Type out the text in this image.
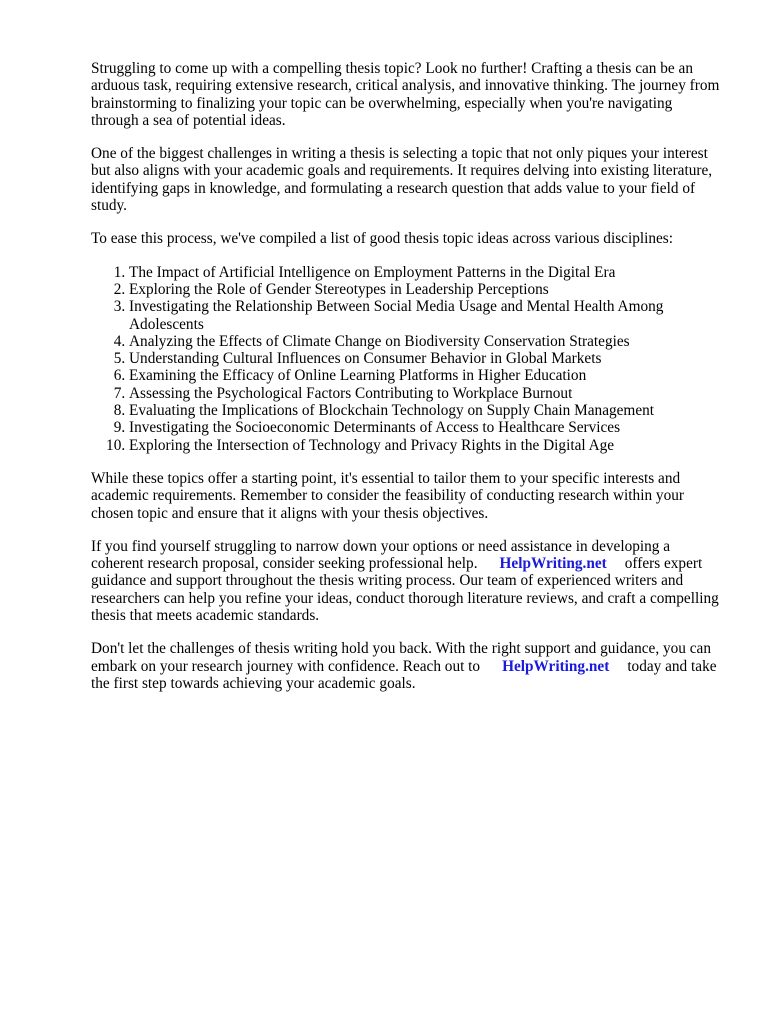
Struggling to come up with a compelling thesis topic? Look no further! Crafting a thesis can be an arduous task, requiring extensive research, critical analysis, and innovative thinking. The journey from brainstorming to finalizing your topic can be overwhelming, especially when you're navigating through a sea of potential ideas.

One of the biggest challenges in writing a thesis is selecting a topic that not only piques your interest but also aligns with your academic goals and requirements. It requires delving into existing literature, identifying gaps in knowledge, and formulating a research question that adds value to your field of study.

To ease this process, we've compiled a list of good thesis topic ideas across various disciplines:

1. The Impact of Artificial Intelligence on Employment Patterns in the Digital Era
2. Exploring the Role of Gender Stereotypes in Leadership Perceptions
3. Investigating the Relationship Between Social Media Usage and Mental Health Among Adolescents
4. Analyzing the Effects of Climate Change on Biodiversity Conservation Strategies
5. Understanding Cultural Influences on Consumer Behavior in Global Markets
6. Examining the Efficacy of Online Learning Platforms in Higher Education
7. Assessing the Psychological Factors Contributing to Workplace Burnout
8. Evaluating the Implications of Blockchain Technology on Supply Chain Management
9. Investigating the Socioeconomic Determinants of Access to Healthcare Services
10. Exploring the Intersection of Technology and Privacy Rights in the Digital Age

While these topics offer a starting point, it's essential to tailor them to your specific interests and academic requirements. Remember to consider the feasibility of conducting research within your chosen topic and ensure that it aligns with your thesis objectives.

If you find yourself struggling to narrow down your options or need assistance in developing a coherent research proposal, consider seeking professional help. HelpWriting.net offers expert guidance and support throughout the thesis writing process. Our team of experienced writers and researchers can help you refine your ideas, conduct thorough literature reviews, and craft a compelling thesis that meets academic standards.

Don't let the challenges of thesis writing hold you back. With the right support and guidance, you can embark on your research journey with confidence. Reach out to HelpWriting.net today and take the first step towards achieving your academic goals.
